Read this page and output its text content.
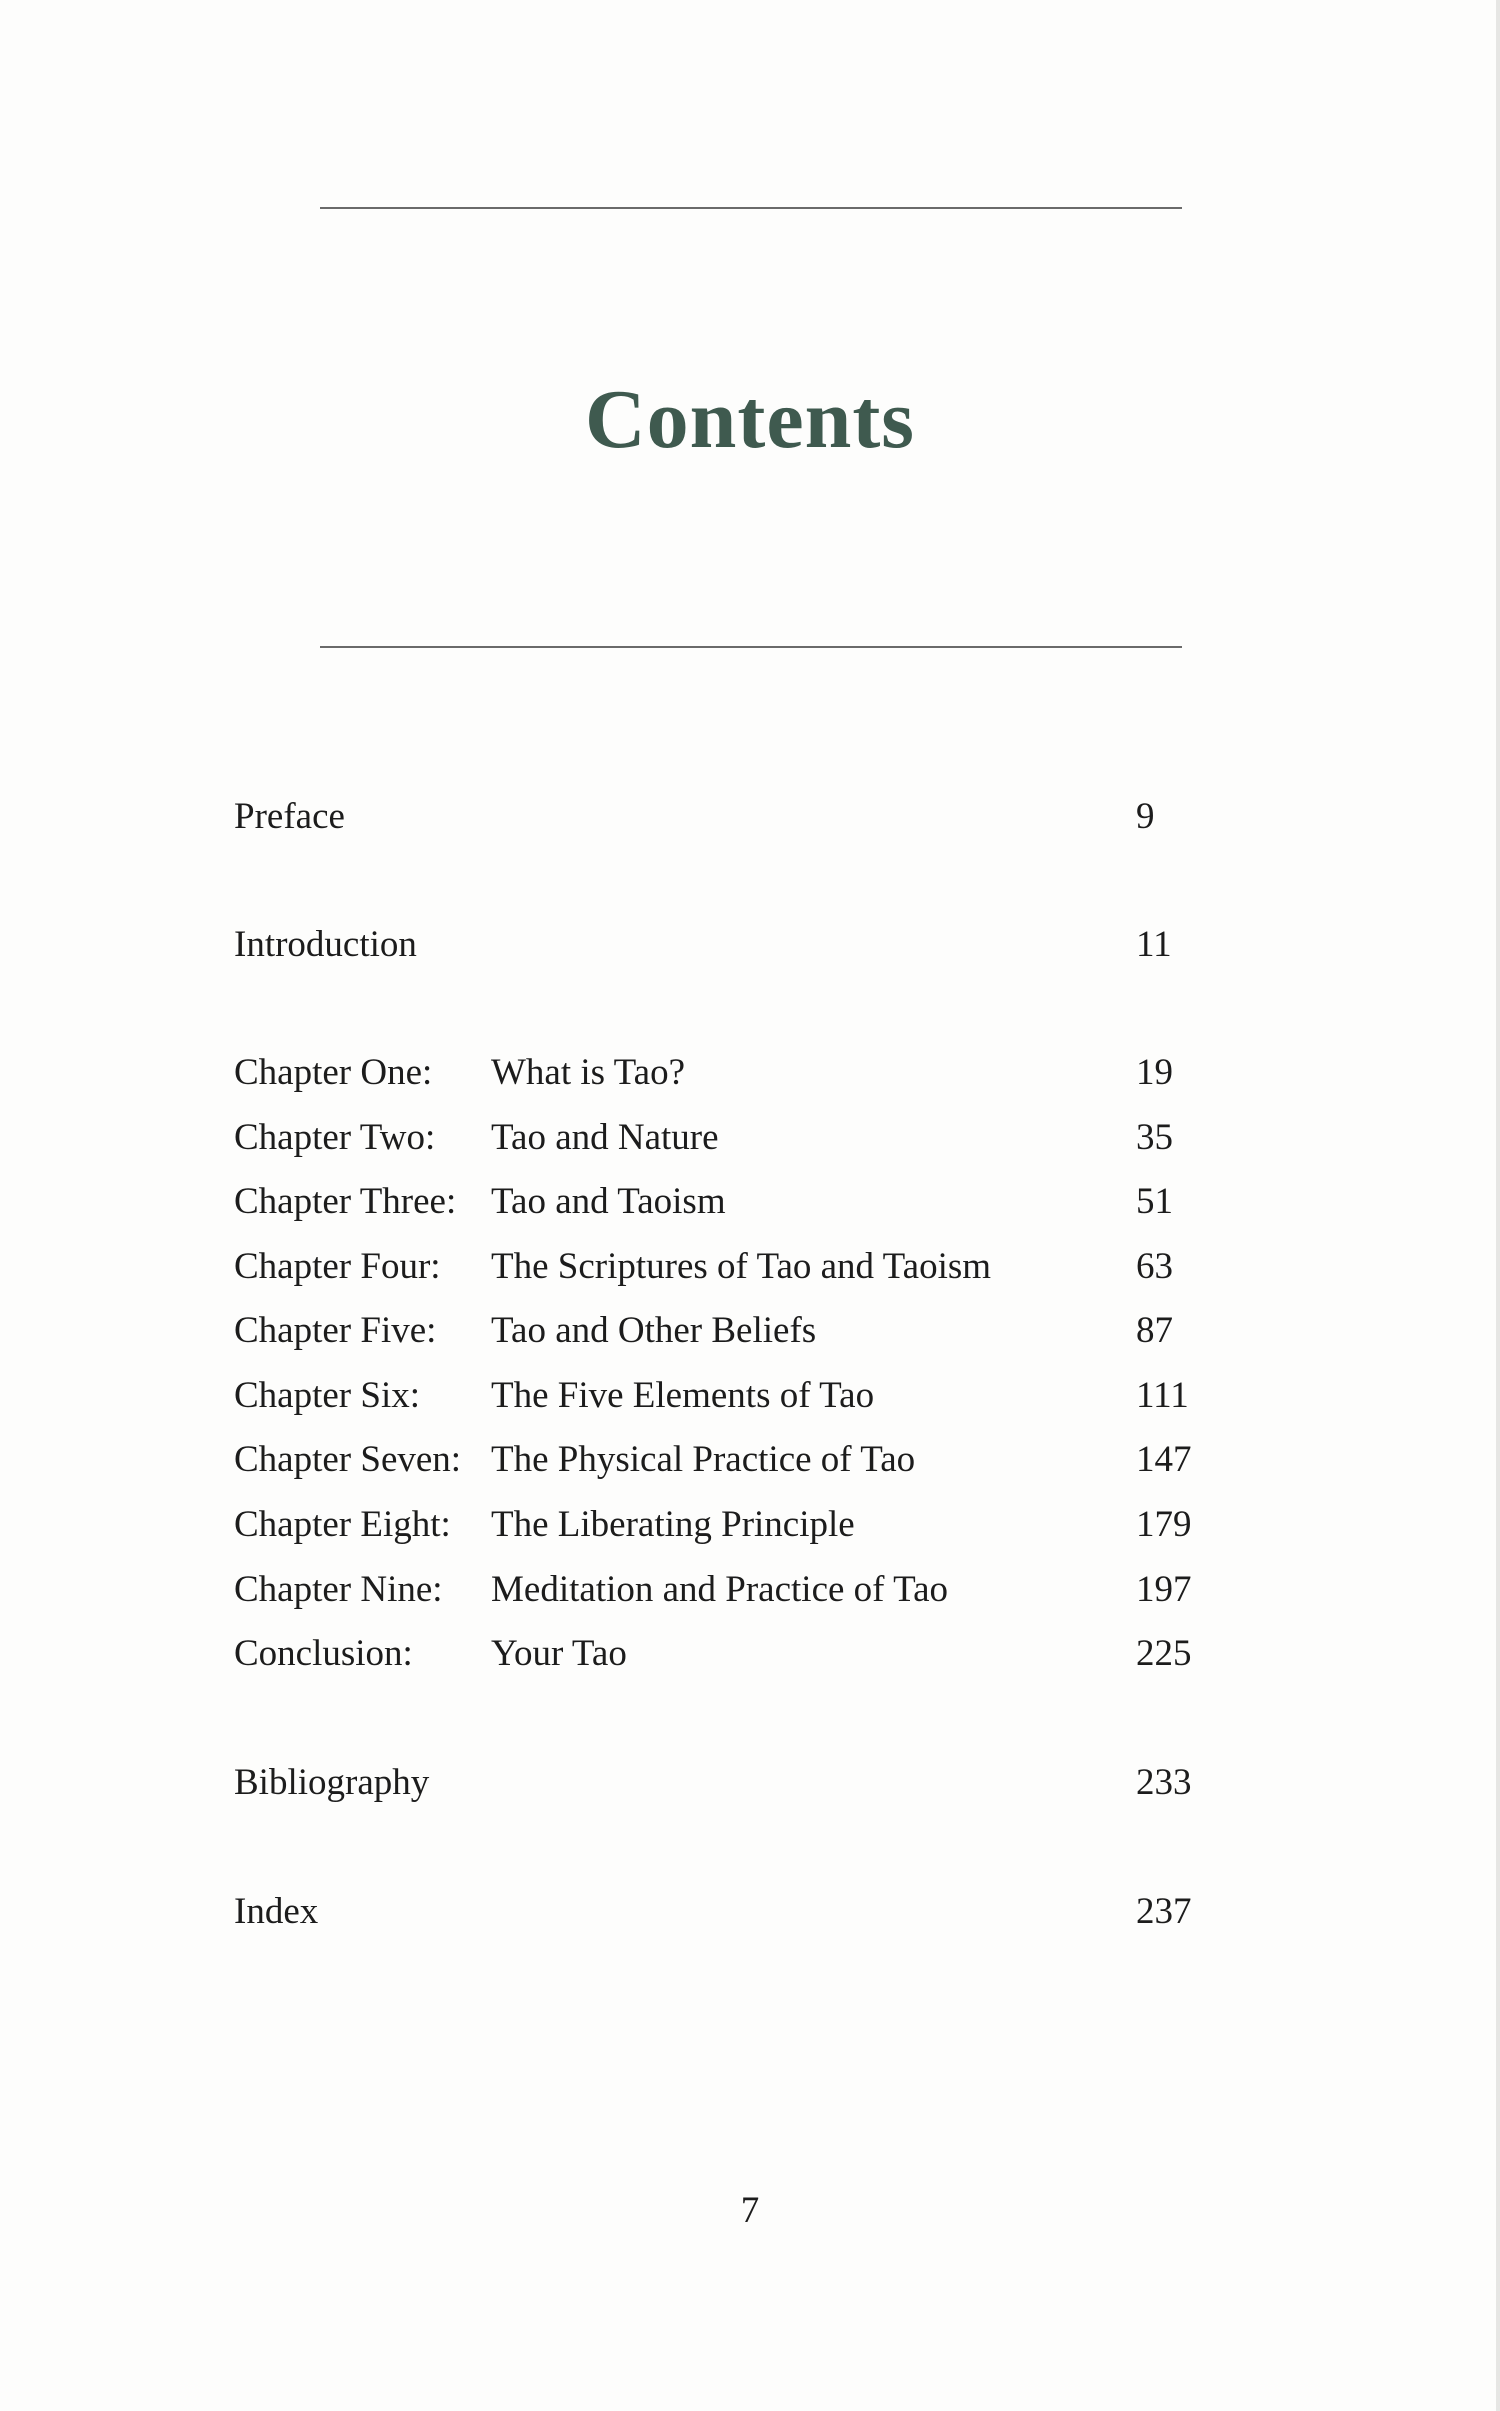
Contents
Preface	9
Introduction	11
Chapter One: What is Tao?	19
Chapter Two: Tao and Nature	35
Chapter Three: Tao and Taoism	51
Chapter Four: The Scriptures of Tao and Taoism	63
Chapter Five: Tao and Other Beliefs	87
Chapter Six: The Five Elements of Tao	111
Chapter Seven: The Physical Practice of Tao	147
Chapter Eight: The Liberating Principle	179
Chapter Nine: Meditation and Practice of Tao	197
Conclusion: Your Tao	225
Bibliography	233
Index	237
7
